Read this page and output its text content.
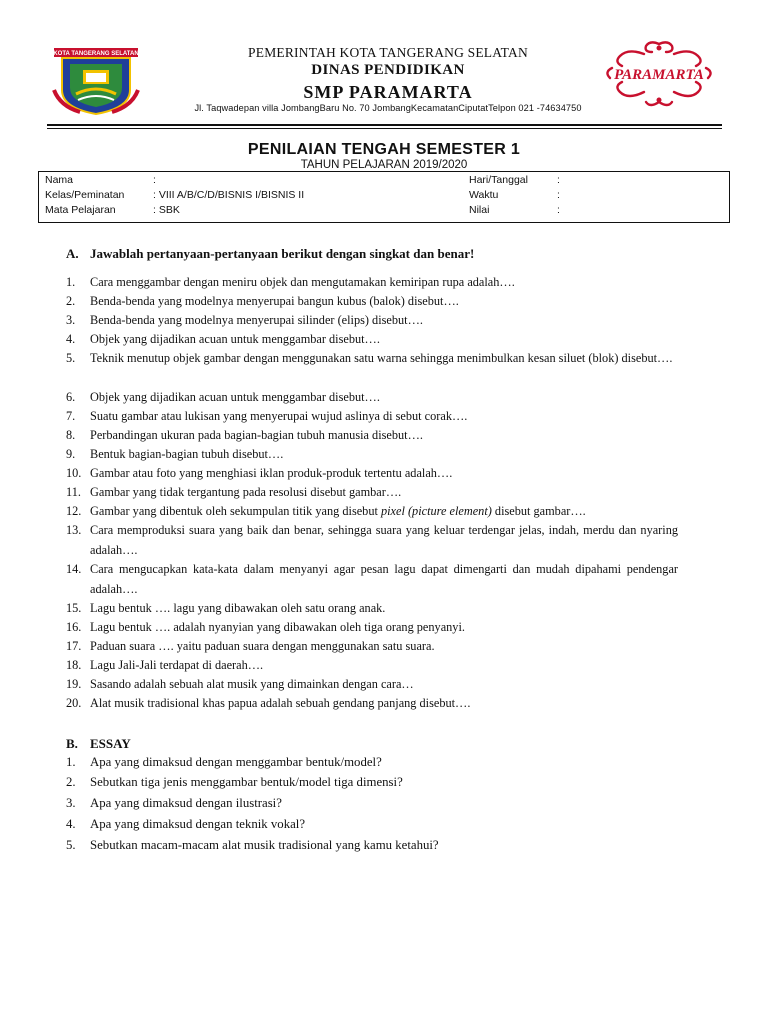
KOTA TANGERANG SELATAN	PEMERINTAH KOTA TANGERANG SELATAN
DINAS PENDIDIKAN
SMP PARAMARTA
PARAMARTA
Jl. Taqwadepan villa JombangBaru No. 70 JombangKecamatanCiputatTelpon 021 -74634750
PENILAIAN TENGAH SEMESTER 1
TAHUN PELAJARAN 2019/2020
Nama	:	Hari/Tanggal	:
Kelas/Peminatan	: VIII A/B/C/D/BISNIS I/BISNIS II	Waktu	:
Mata Pelajaran	: SBK	Nilai	:
A. Jawablah pertanyaan-pertanyaan berikut dengan singkat dan benar!
1. Cara menggambar dengan meniru objek dan mengutamakan kemiripan rupa adalah….
2. Benda-benda yang modelnya menyerupai bangun kubus (balok) disebut….
3. Benda-benda yang modelnya menyerupai silinder (elips) disebut….
4. Objek yang dijadikan acuan untuk menggambar disebut….
5. Teknik menutup objek gambar dengan menggunakan satu warna sehingga menimbulkan kesan siluet (blok) disebut….
6. Objek yang dijadikan acuan untuk menggambar disebut….
7. Suatu gambar atau lukisan yang menyerupai wujud aslinya di sebut corak….
8. Perbandingan ukuran pada bagian-bagian tubuh manusia disebut….
9. Bentuk bagian-bagian tubuh disebut….
10. Gambar atau foto yang menghiasi iklan produk-produk tertentu adalah….
11. Gambar yang tidak tergantung pada resolusi disebut gambar….
12. Gambar yang dibentuk oleh sekumpulan titik yang disebut pixel (picture element) disebut gambar….
13. Cara memproduksi suara yang baik dan benar, sehingga suara yang keluar terdengar jelas, indah, merdu dan nyaring adalah….
14. Cara mengucapkan kata-kata dalam menyanyi agar pesan lagu dapat dimengarti dan mudah dipahami pendengar adalah….
15. Lagu bentuk …. lagu yang dibawakan oleh satu orang anak.
16. Lagu bentuk …. adalah nyanyian yang dibawakan oleh tiga orang penyanyi.
17. Paduan suara …. yaitu paduan suara dengan menggunakan satu suara.
18. Lagu Jali-Jali terdapat di daerah….
19. Sasando adalah sebuah alat musik yang dimainkan dengan cara…
20. Alat musik tradisional khas papua adalah sebuah gendang panjang disebut….
B. ESSAY
1. Apa yang dimaksud dengan menggambar bentuk/model?
2. Sebutkan tiga jenis menggambar bentuk/model tiga dimensi?
3. Apa yang dimaksud dengan ilustrasi?
4. Apa yang dimaksud dengan teknik vokal?
5. Sebutkan macam-macam alat musik tradisional yang kamu ketahui?
